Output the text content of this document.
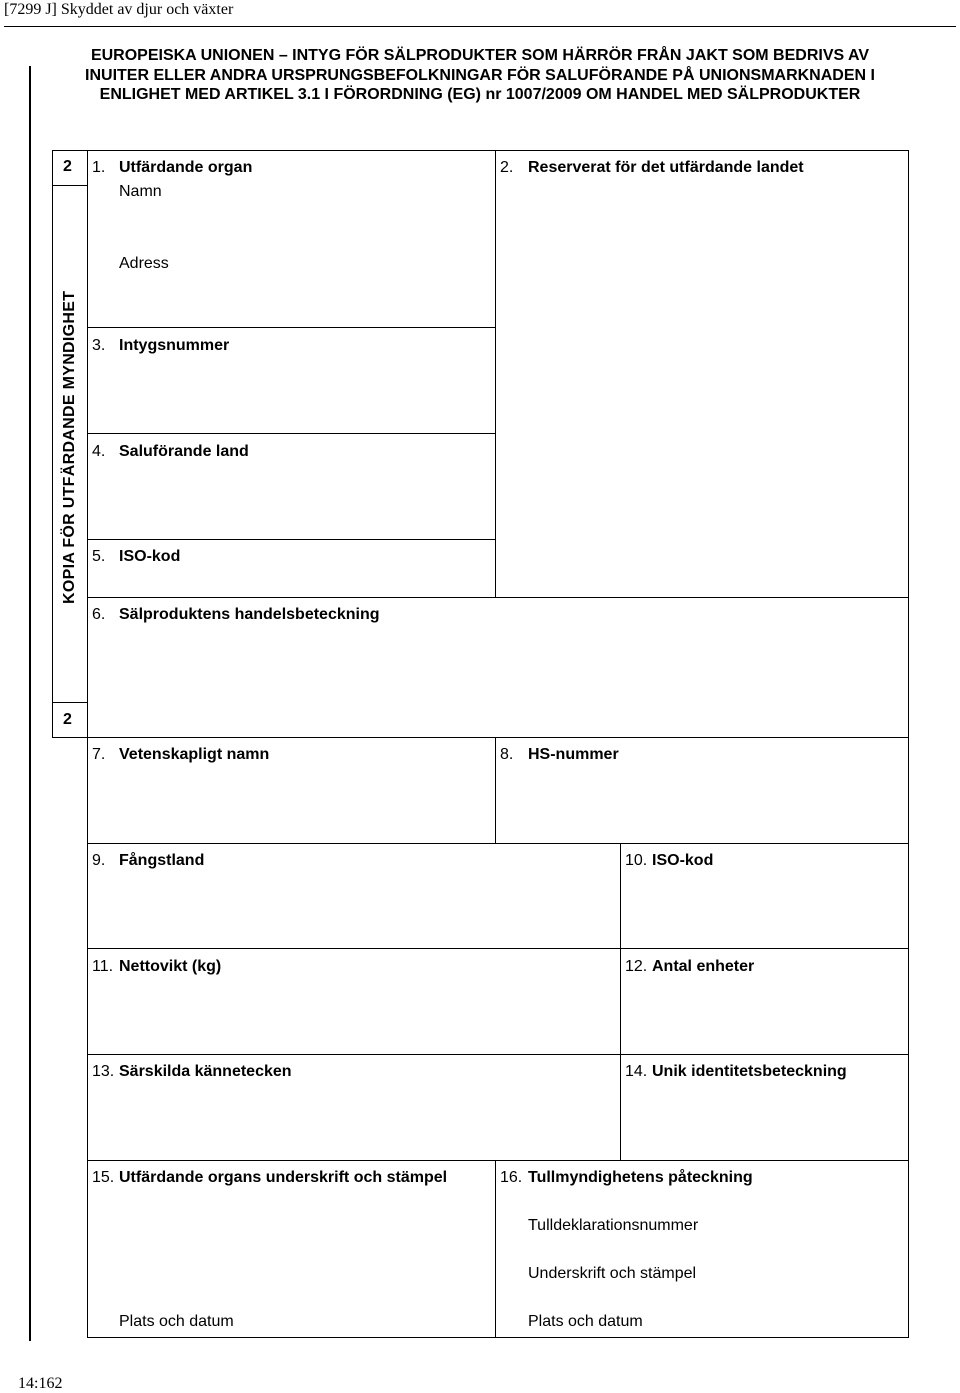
[7299 J] Skyddet av djur och växter
EUROPEISKA UNIONEN – INTYG FÖR SÄLPRODUKTER SOM HÄRRÖR FRÅN JAKT SOM BEDRIVS AV INUITER ELLER ANDRA URSPRUNGSBEFOLKNINGAR FÖR SALUFÖRANDE PÅ UNIONSMARKNADEN I ENLIGHET MED ARTIKEL 3.1 I FÖRORDNING (EG) nr 1007/2009 OM HANDEL MED SÄLPRODUKTER
2
KOPIA FÖR UTFÄRDANDE MYNDIGHET
2
1. Utfärdande organ
Namn
Adress
2. Reserverat för det utfärdande landet
3. Intygsnummer
4. Saluförande land
5. ISO-kod
6. Sälproduktens handelsbeteckning
7. Vetenskapligt namn	8. HS-nummer
9. Fångstland	10. ISO-kod
11. Nettovikt (kg)	12. Antal enheter
13. Särskilda kännetecken	14. Unik identitetsbeteckning
15. Utfärdande organs underskrift och stämpel
Plats och datum
16. Tullmyndighetens påteckning
Tulldeklarationsnummer
Underskrift och stämpel
Plats och datum
14:162
